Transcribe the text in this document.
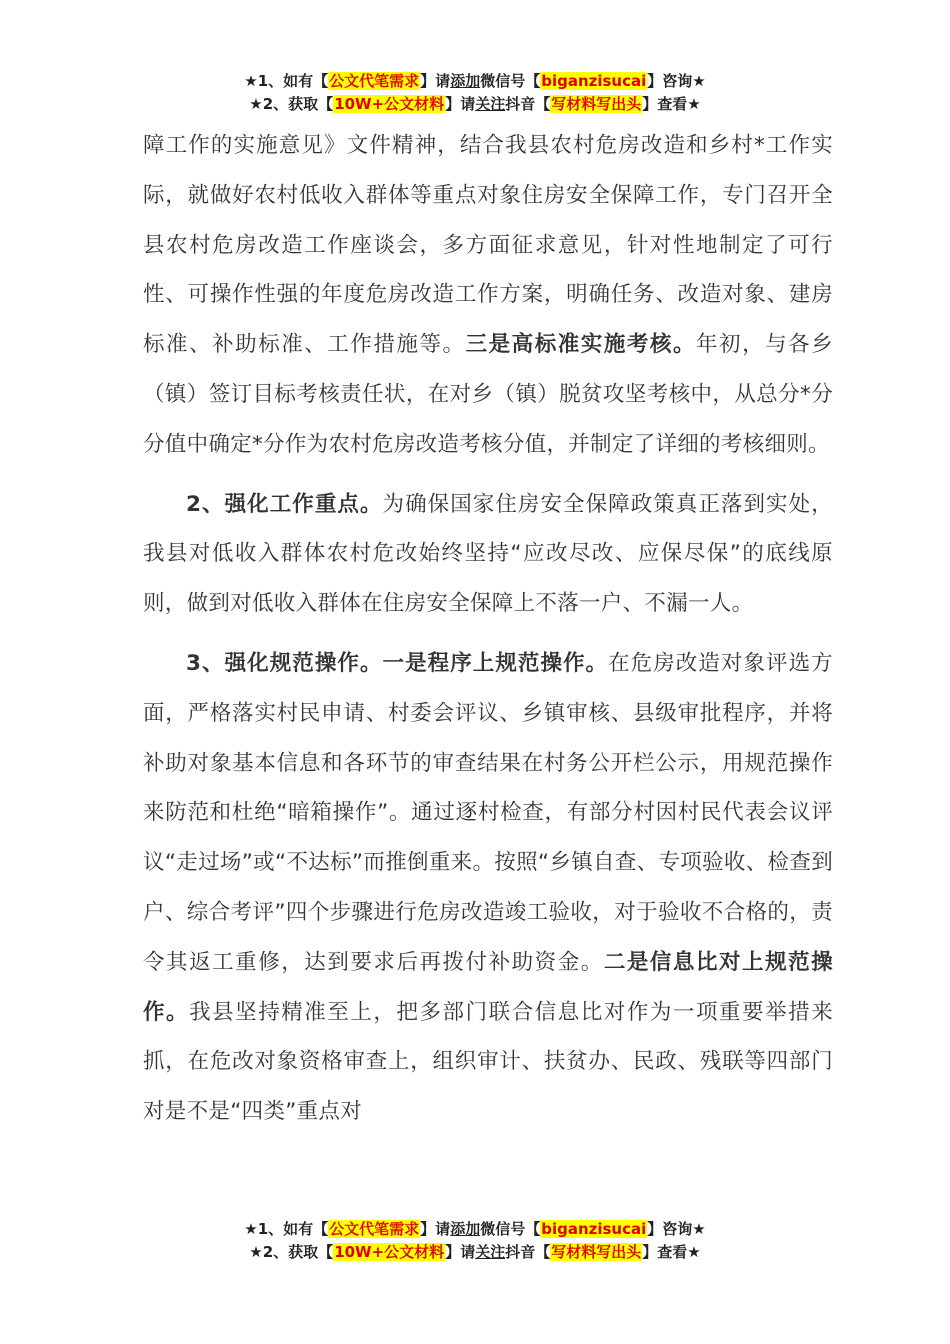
★1、如有【公文代笔需求】请添加微信号【biganzisucai】咨询★
★2、获取【10W+公文材料】请关注抖音【写材料写出头】查看★

障工作的实施意见》文件精神，结合我县农村危房改造和乡村*工作实际，就做好农村低收入群体等重点对象住房安全保障工作，专门召开全县农村危房改造工作座谈会，多方面征求意见，针对性地制定了可行性、可操作性强的年度危房改造工作方案，明确任务、改造对象、建房标准、补助标准、工作措施等。三是高标准实施考核。年初，与各乡（镇）签订目标考核责任状，在对乡（镇）脱贫攻坚考核中，从总分*分分值中确定*分作为农村危房改造考核分值，并制定了详细的考核细则。

2、强化工作重点。为确保国家住房安全保障政策真正落到实处，我县对低收入群体农村危改始终坚持“应改尽改、应保尽保”的底线原则，做到对低收入群体在住房安全保障上不落一户、不漏一人。

3、强化规范操作。一是程序上规范操作。在危房改造对象评选方面，严格落实村民申请、村委会评议、乡镇审核、县级审批程序，并将补助对象基本信息和各环节的审查结果在村务公开栏公示，用规范操作来防范和杜绝“暗箱操作”。通过逐村检查，有部分村因村民代表会议评议“走过场”或“不达标”而推倒重来。按照“乡镇自查、专项验收、检查到户、综合考评”四个步骤进行危房改造竣工验收，对于验收不合格的，责令其返工重修，达到要求后再拨付补助资金。二是信息比对上规范操作。我县坚持精准至上，把多部门联合信息比对作为一项重要举措来抓，在危改对象资格审查上，组织审计、扶贫办、民政、残联等四部门对是不是“四类”重点对

★1、如有【公文代笔需求】请添加微信号【biganzisucai】咨询★
★2、获取【10W+公文材料】请关注抖音【写材料写出头】查看★
